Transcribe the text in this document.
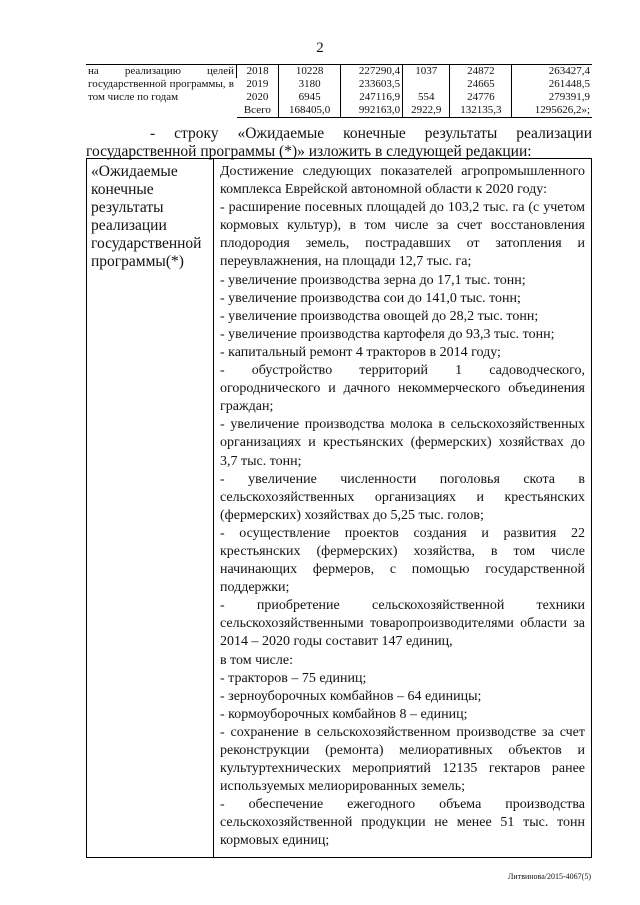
2
на реализацию целей государственной программы, в том числе по годам	2018	10228	227290,4	1037	24872	263427,4
	2019	3180	233603,5		24665	261448,5
	2020	6945	247116,9	554	24776	279391,9
	Всего	168405,0	992163,0	2922,9	132135,3	1295626,2»;
- строку «Ожидаемые конечные результаты реализации
государственной программы (*)» изложить в следующей редакции:
«Ожидаемые конечные результаты реализации государственной программы(*)

Достижение следующих показателей агропромышленного комплекса Еврейской автономной области к 2020 году:

- расширение посевных площадей до 103,2 тыс. га (с учетом кормовых культур), в том числе за счет восстановления плодородия земель, пострадавших от затопления и переувлажнения, на площади 12,7 тыс. га;

- увеличение производства зерна до 17,1 тыс. тонн;

- увеличение производства сои до 141,0 тыс. тонн;

- увеличение производства овощей до 28,2 тыс. тонн;

- увеличение производства картофеля до 93,3 тыс. тонн;

- капитальный ремонт 4 тракторов в 2014 году;

- обустройство территорий 1 садоводческого, огороднического и дачного некоммерческого объединения граждан;

- увеличение производства молока в сельскохозяйственных организациях и крестьянских (фермерских) хозяйствах до 3,7 тыс. тонн;

- увеличение численности поголовья скота в сельскохозяйственных организациях и крестьянских (фермерских) хозяйствах до 5,25 тыс. голов;

- осуществление проектов создания и развития 22 крестьянских (фермерских) хозяйства, в том числе начинающих фермеров, с помощью государственной поддержки;

- приобретение сельскохозяйственной техники сельскохозяйственными товаропроизводителями области за 2014 – 2020 годы составит 147 единиц,

в том числе:

- тракторов – 75 единиц;

- зерноуборочных комбайнов – 64 единицы;

- кормоуборочных комбайнов 8 – единиц;

- сохранение в сельскохозяйственном производстве за счет реконструкции (ремонта) мелиоративных объектов и культуртехнических мероприятий 12135 гектаров ранее используемых мелиорированных земель;

- обеспечение ежегодного объема производства сельскохозяйственной продукции не менее 51 тыс. тонн кормовых единиц;

Литвинова/2015-4067(5)
